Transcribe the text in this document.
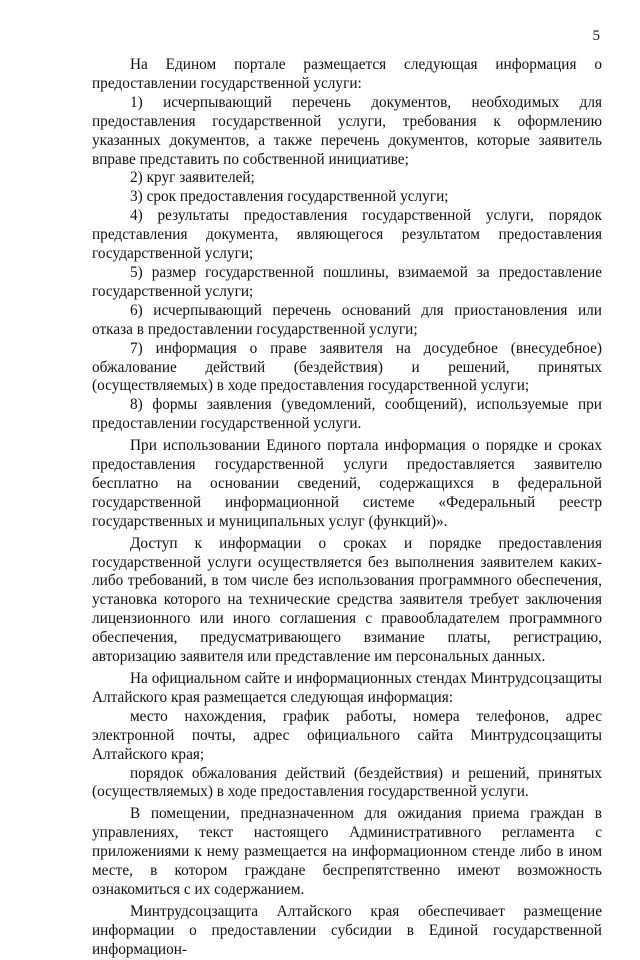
5

На Едином портале размещается следующая информация о предоставлении государственной услуги:

1) исчерпывающий перечень документов, необходимых для предоставления государственной услуги, требования к оформлению указанных документов, а также перечень документов, которые заявитель вправе представить по собственной инициативе;

2) круг заявителей;

3) срок предоставления государственной услуги;

4) результаты предоставления государственной услуги, порядок представления документа, являющегося результатом предоставления государственной услуги;

5) размер государственной пошлины, взимаемой за предоставление государственной услуги;

6) исчерпывающий перечень оснований для приостановления или отказа в предоставлении государственной услуги;

7) информация о праве заявителя на досудебное (внесудебное) обжалование действий (бездействия) и решений, принятых (осуществляемых) в ходе предоставления государственной услуги;

8) формы заявления (уведомлений, сообщений), используемые при предоставлении государственной услуги.

При использовании Единого портала информация о порядке и сроках предоставления государственной услуги предоставляется заявителю бесплатно на основании сведений, содержащихся в федеральной государственной информационной системе «Федеральный реестр государственных и муниципальных услуг (функций)».

Доступ к информации о сроках и порядке предоставления государственной услуги осуществляется без выполнения заявителем каких-либо требований, в том числе без использования программного обеспечения, установка которого на технические средства заявителя требует заключения лицензионного или иного соглашения с правообладателем программного обеспечения, предусматривающего взимание платы, регистрацию, авторизацию заявителя или представление им персональных данных.

На официальном сайте и информационных стендах Минтрудсоцзащиты Алтайского края размещается следующая информация:

место нахождения, график работы, номера телефонов, адрес электронной почты, адрес официального сайта Минтрудсоцзащиты Алтайского края;

порядок обжалования действий (бездействия) и решений, принятых (осуществляемых) в ходе предоставления государственной услуги.

В помещении, предназначенном для ожидания приема граждан в управлениях, текст настоящего Административного регламента с приложениями к нему размещается на информационном стенде либо в ином месте, в котором граждане беспрепятственно имеют возможность ознакомиться с их содержанием.

Минтрудсоцзащита Алтайского края обеспечивает размещение информации о предоставлении субсидии в Единой государственной информацион-
